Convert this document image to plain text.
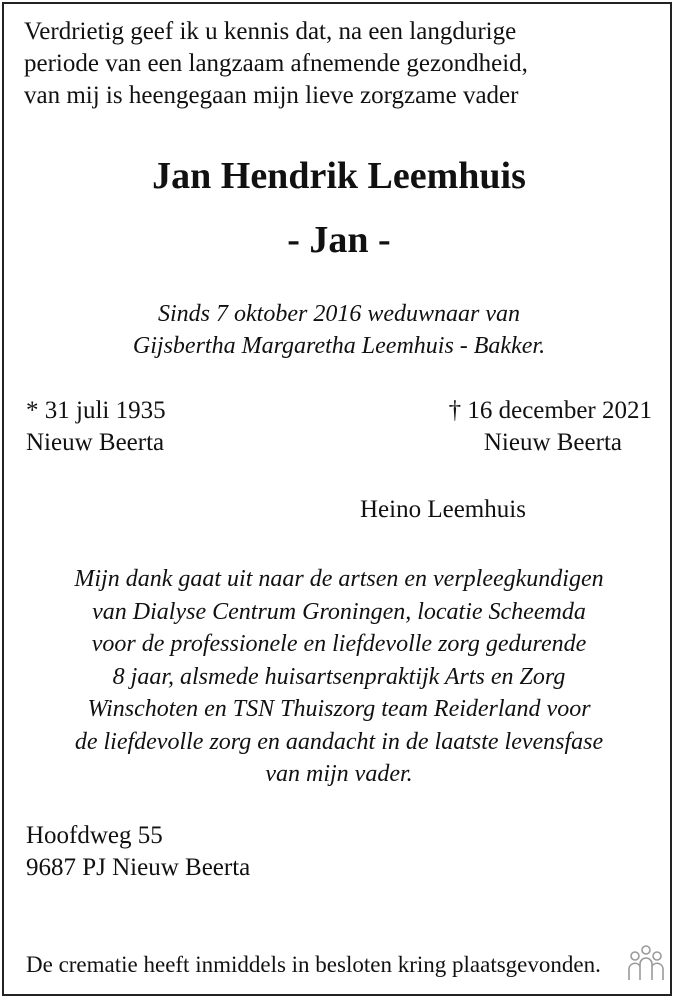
Verdrietig geef ik u kennis dat, na een langdurige
periode van een langzaam afnemende gezondheid,
van mij is heengegaan mijn lieve zorgzame vader
Jan Hendrik Leemhuis
- Jan -
Sinds 7 oktober 2016 weduwnaar van
Gijsbertha Margaretha Leemhuis - Bakker.
* 31 juli 1935
Nieuw Beerta
† 16 december 2021
Nieuw Beerta
Heino Leemhuis
Mijn dank gaat uit naar de artsen en verpleegkundigen
van Dialyse Centrum Groningen, locatie Scheemda
voor de professionele en liefdevolle zorg gedurende
8 jaar, alsmede huisartsenpraktijk Arts en Zorg
Winschoten en TSN Thuiszorg team Reiderland voor
de liefdevolle zorg en aandacht in de laatste levensfase
van mijn vader.
Hoofdweg 55
9687 PJ Nieuw Beerta
De crematie heeft inmiddels in besloten kring plaatsgevonden.
